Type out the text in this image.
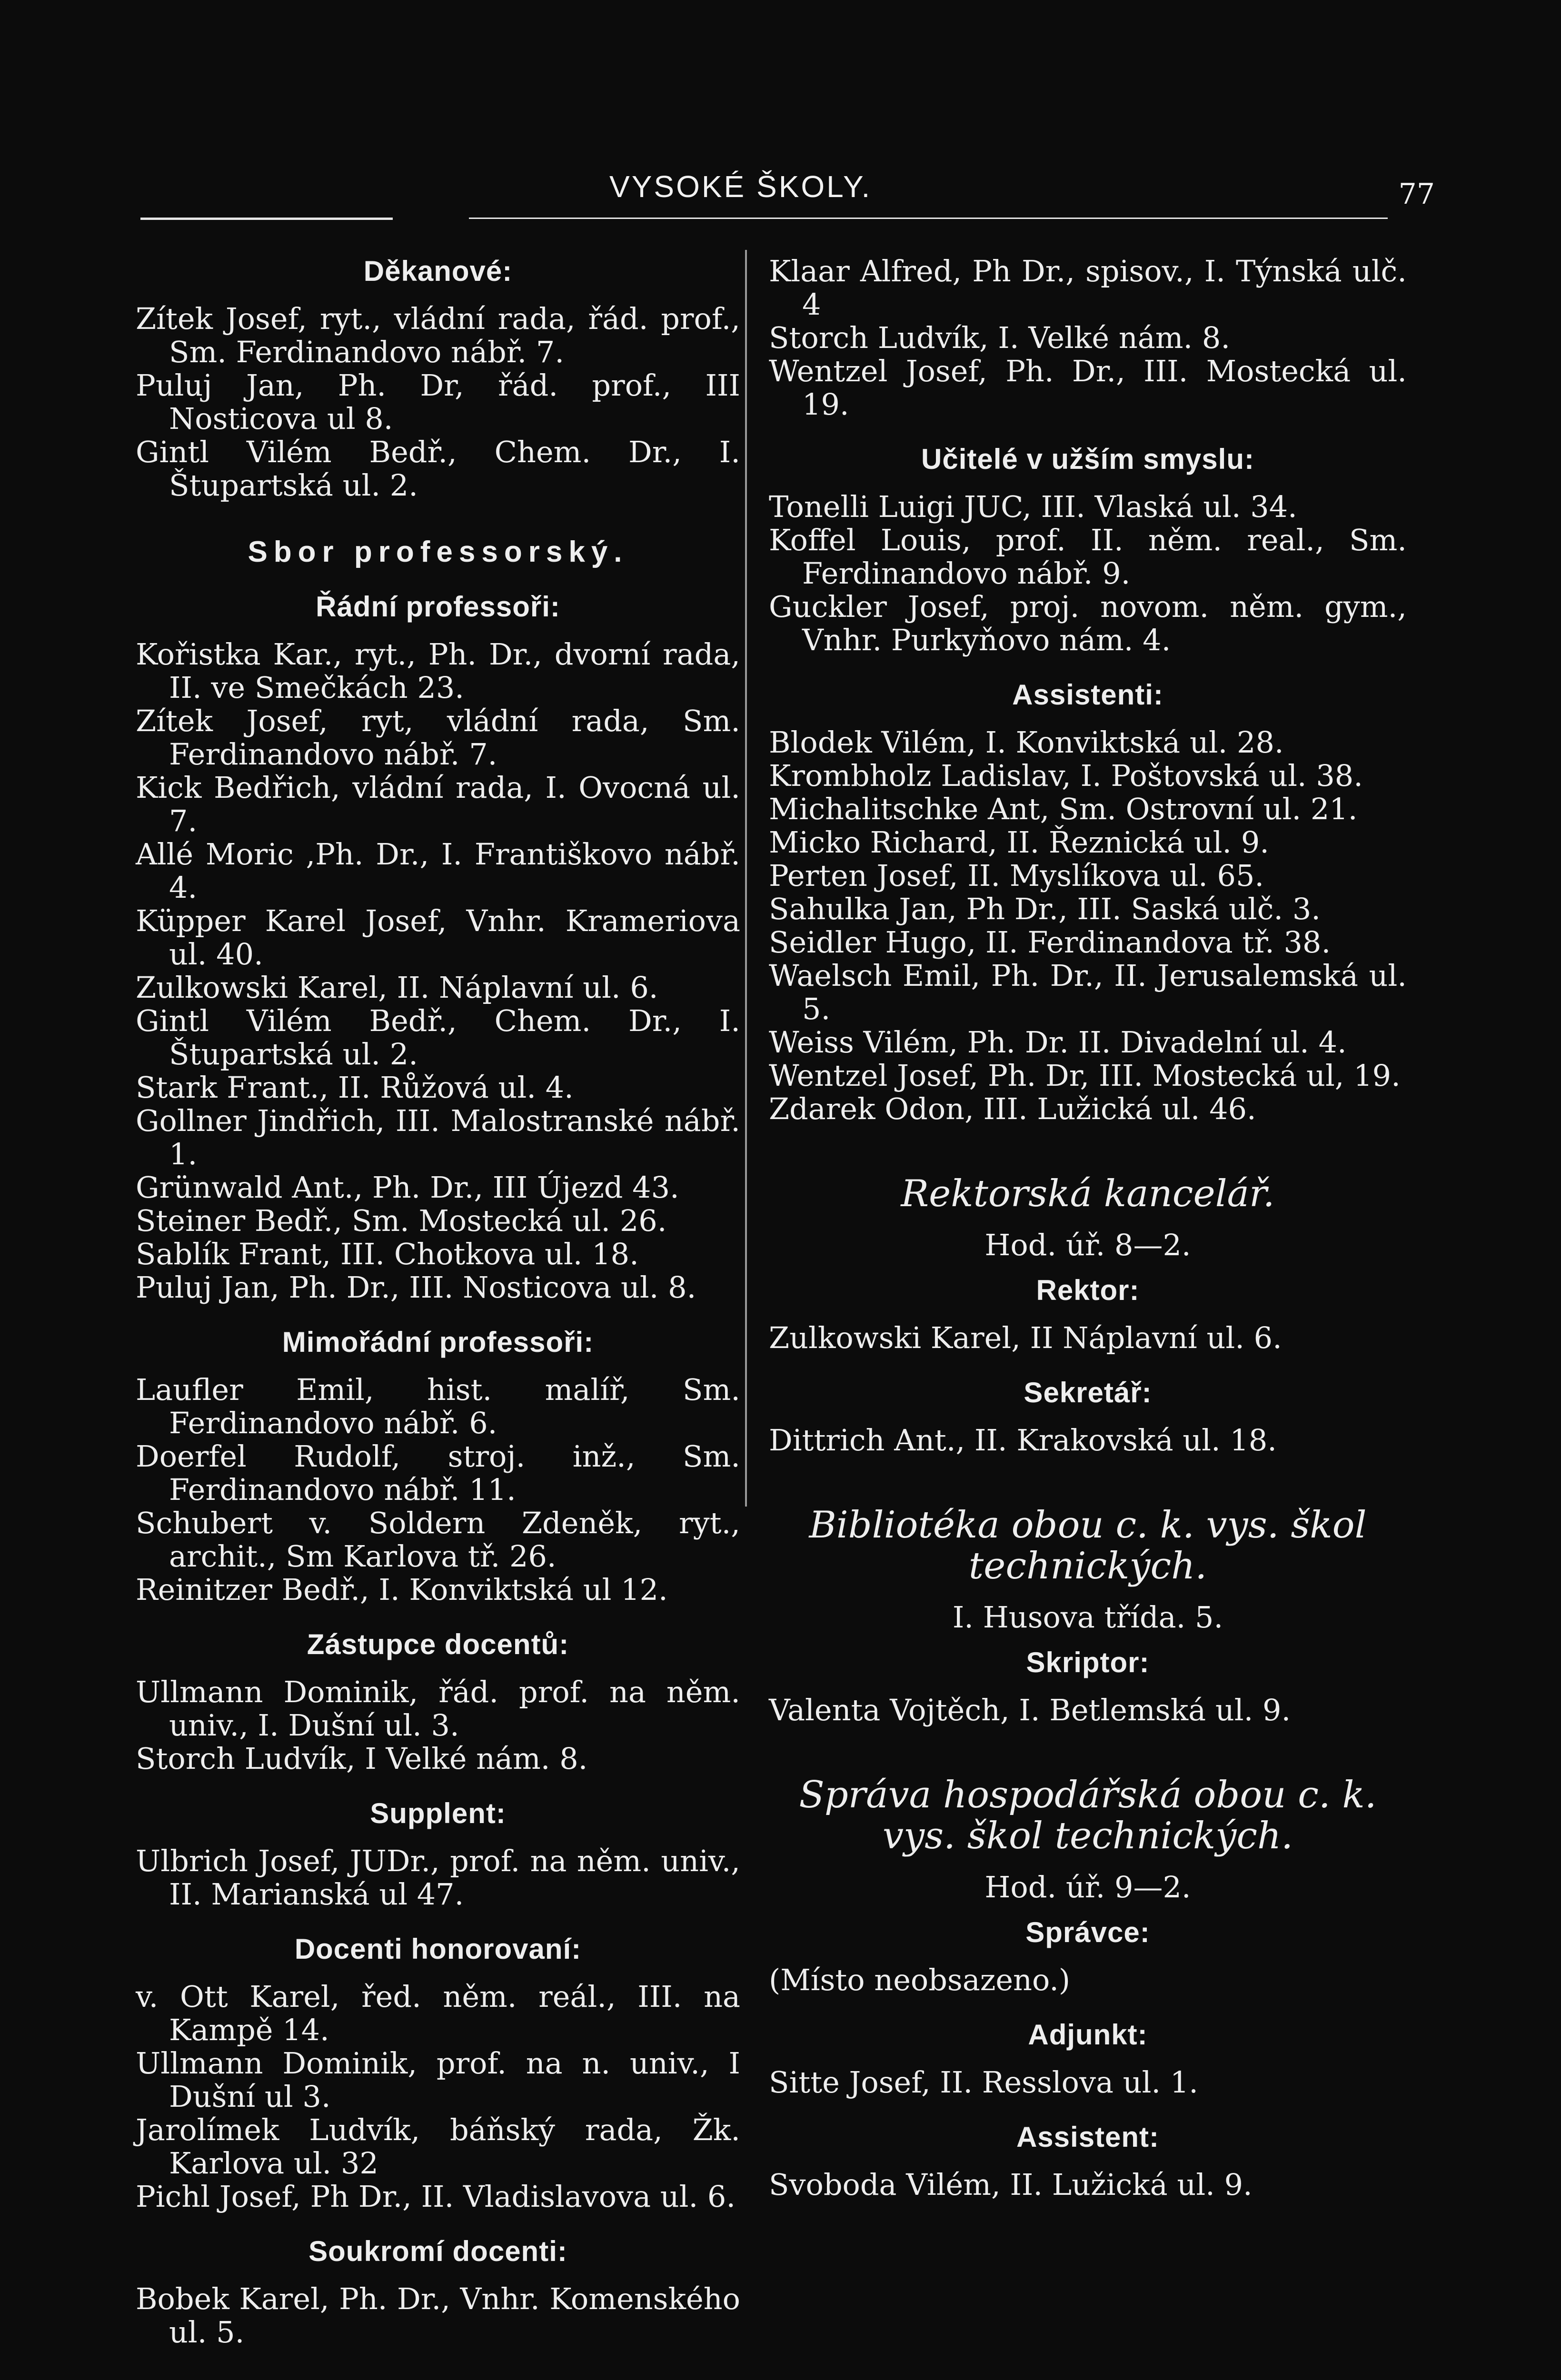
VYSOKÉ ŠKOLY.	77
Děkanové:

Zítek Josef, ryt., vládní rada, řád. prof., Sm. Ferdinandovo nábř. 7.

Puluj Jan, Ph. Dr, řád. prof., III Nosticova ul 8.

Gintl Vilém Bedř., Chem. Dr., I. Štupartská ul. 2.

Sbor professorský.
Řádní professoři:

Kořistka Kar., ryt., Ph. Dr., dvorní rada, II. ve Smečkách 23.

Zítek Josef, ryt, vládní rada, Sm. Ferdinandovo nábř. 7.

Kick Bedřich, vládní rada, I. Ovocná ul. 7.

Allé Moric ,Ph. Dr., I. Františkovo nábř. 4.

Küpper Karel Josef, Vnhr. Krameriova ul. 40.

Zulkowski Karel, II. Náplavní ul. 6.

Gintl Vilém Bedř., Chem. Dr., I. Štupartská ul. 2.

Stark Frant., II. Růžová ul. 4.

Gollner Jindřich, III. Malostranské nábř. 1.

Grünwald Ant., Ph. Dr., III Újezd 43.

Steiner Bedř., Sm. Mostecká ul. 26.

Sablík Frant, III. Chotkova ul. 18.

Puluj Jan, Ph. Dr., III. Nosticova ul. 8.

Mimořádní professoři:

Laufler Emil, hist. malíř, Sm. Ferdinandovo nábř. 6.

Doerfel Rudolf, stroj. inž., Sm. Ferdinandovo nábř. 11.

Schubert v. Soldern Zdeněk, ryt., archit., Sm Karlova tř. 26.

Reinitzer Bedř., I. Konviktská ul 12.

Zástupce docentů:

Ullmann Dominik, řád. prof. na něm. univ., I. Dušní ul. 3.

Storch Ludvík, I Velké nám. 8.

Supplent:

Ulbrich Josef, JUDr., prof. na něm. univ., II. Marianská ul 47.

Docenti honorovaní:

v. Ott Karel, řed. něm. reál., III. na Kampě 14.

Ullmann Dominik, prof. na n. univ., I Dušní ul 3.

Jarolímek Ludvík, báňský rada, Žk. Karlova ul. 32

Pichl Josef, Ph Dr., II. Vladislavova ul. 6.

Soukromí docenti:

Bobek Karel, Ph. Dr., Vnhr. Komenského ul. 5.

Klaar Alfred, Ph Dr., spisov., I. Týnská ulč. 4

Storch Ludvík, I. Velké nám. 8.

Wentzel Josef, Ph. Dr., III. Mostecká ul. 19.

Učitelé v užším smyslu:

Tonelli Luigi JUC, III. Vlaská ul. 34.

Koffel Louis, prof. II. něm. real., Sm. Ferdinandovo nábř. 9.

Guckler Josef, proj. novom. něm. gym., Vnhr. Purkyňovo nám. 4.

Assistenti:

Blodek Vilém, I. Konviktská ul. 28.

Krombholz Ladislav, I. Poštovská ul. 38.

Michalitschke Ant, Sm. Ostrovní ul. 21.

Micko Richard, II. Řeznická ul. 9.

Perten Josef, II. Myslíkova ul. 65.

Sahulka Jan, Ph Dr., III. Saská ulč. 3.

Seidler Hugo, II. Ferdinandova tř. 38.

Waelsch Emil, Ph. Dr., II. Jerusalemská ul. 5.

Weiss Vilém, Ph. Dr. II. Divadelní ul. 4.

Wentzel Josef, Ph. Dr, III. Mostecká ul, 19.

Zdarek Odon, III. Lužická ul. 46.

Rektorská kancelář.
Hod. úř. 8—2.
Rektor:

Zulkowski Karel, II Náplavní ul. 6.

Sekretář:

Dittrich Ant., II. Krakovská ul. 18.

Bibliotéka obou c. k. vys. škol technických.
I. Husova třída. 5.
Skriptor:

Valenta Vojtěch, I. Betlemská ul. 9.

Správa hospodářská obou c. k. vys. škol technických.
Hod. úř. 9—2.
Správce:

(Místo neobsazeno.)

Adjunkt:

Sitte Josef, II. Resslova ul. 1.

Assistent:

Svoboda Vilém, II. Lužická ul. 9.
